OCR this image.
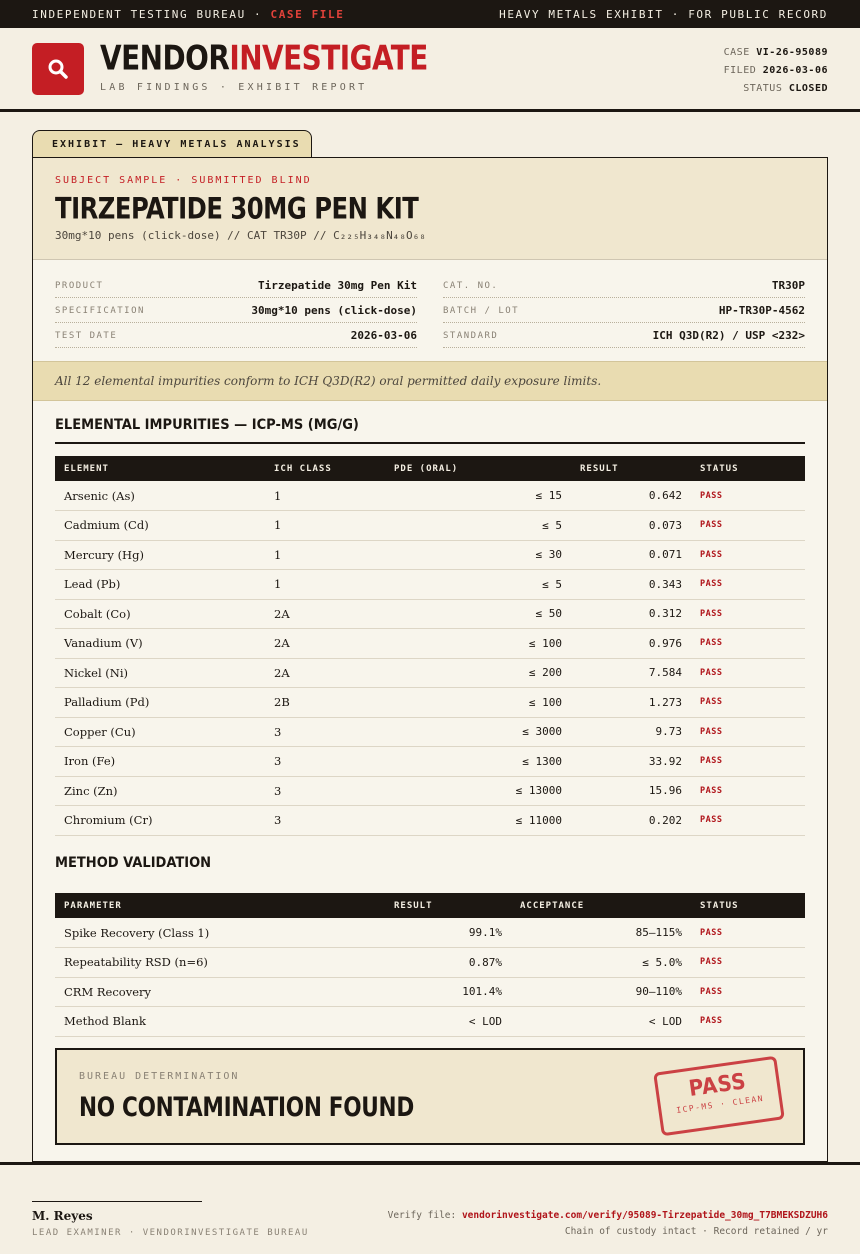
INDEPENDENT TESTING BUREAU · CASE FILE	HEAVY METALS EXHIBIT · FOR PUBLIC RECORD
VENDORINVESTIGATE
LAB FINDINGS · EXHIBIT REPORT
CASE VI-26-95089
FILED 2026-03-06
STATUS CLOSED
EXHIBIT — HEAVY METALS ANALYSIS
SUBJECT SAMPLE · SUBMITTED BLIND
TIRZEPATIDE 30MG PEN KIT
30mg*10 pens (click-dose) // CAT TR30P // C₂₂₅H₃₄₈N₄₈O₆₈
PRODUCT	Tirzepatide 30mg Pen Kit	CAT. NO.	TR30P
SPECIFICATION	30mg*10 pens (click-dose)	BATCH / LOT	HP-TR30P-4562
TEST DATE	2026-03-06	STANDARD	ICH Q3D(R2) / USP <232>
All 12 elemental impurities conform to ICH Q3D(R2) oral permitted daily exposure limits.
ELEMENTAL IMPURITIES — ICP-MS (MG/G)
ELEMENT	ICH CLASS	PDE (ORAL)	RESULT	STATUS
Arsenic (As)	1	≤ 15	0.642	PASS
Cadmium (Cd)	1	≤ 5	0.073	PASS
Mercury (Hg)	1	≤ 30	0.071	PASS
Lead (Pb)	1	≤ 5	0.343	PASS
Cobalt (Co)	2A	≤ 50	0.312	PASS
Vanadium (V)	2A	≤ 100	0.976	PASS
Nickel (Ni)	2A	≤ 200	7.584	PASS
Palladium (Pd)	2B	≤ 100	1.273	PASS
Copper (Cu)	3	≤ 3000	9.73	PASS
Iron (Fe)	3	≤ 1300	33.92	PASS
Zinc (Zn)	3	≤ 13000	15.96	PASS
Chromium (Cr)	3	≤ 11000	0.202	PASS
METHOD VALIDATION
PARAMETER	RESULT	ACCEPTANCE	STATUS
Spike Recovery (Class 1)	99.1%	85–115%	PASS
Repeatability RSD (n=6)	0.87%	≤ 5.0%	PASS
CRM Recovery	101.4%	90–110%	PASS
Method Blank	< LOD	< LOD	PASS
BUREAU DETERMINATION
NO CONTAMINATION FOUND
PASS
ICP-MS · CLEAN
M. Reyes
LEAD EXAMINER · VENDORINVESTIGATE BUREAU
Verify file: vendorinvestigate.com/verify/95089-Tirzepatide_30mg_T7BMEKSDZUH6
Chain of custody intact · Record retained / yr
